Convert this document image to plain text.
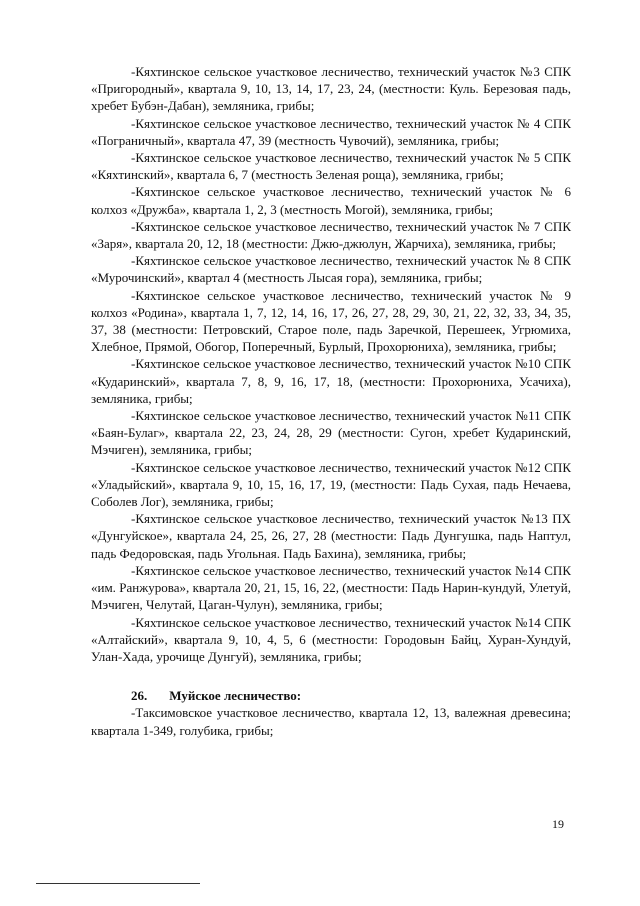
-Кяхтинское сельское участковое лесничество, технический участок №3 СПК «Пригородный», квартала 9, 10, 13, 14, 17, 23, 24, (местности: Куль. Березовая падь, хребет Бубэн-Дабан), земляника, грибы;

-Кяхтинское сельское участковое лесничество, технический участок № 4 СПК «Пограничный», квартала 47, 39 (местность Чувочий), земляника, грибы;

-Кяхтинское сельское участковое лесничество, технический участок № 5 СПК «Кяхтинский», квартала 6, 7 (местность Зеленая роща), земляника, грибы;

-Кяхтинское сельское участковое лесничество, технический участок № 6 колхоз «Дружба», квартала 1, 2, 3 (местность Могой), земляника, грибы;

-Кяхтинское сельское участковое лесничество, технический участок № 7 СПК «Заря», квартала 20, 12, 18 (местности: Джю-джюлун, Жарчиха), земляника, грибы;

-Кяхтинское сельское участковое лесничество, технический участок № 8 СПК «Мурочинский», квартал 4 (местность Лысая гора), земляника, грибы;

-Кяхтинское сельское участковое лесничество, технический участок № 9 колхоз «Родина», квартала 1, 7, 12, 14, 16, 17, 26, 27, 28, 29, 30, 21, 22, 32, 33, 34, 35, 37, 38 (местности: Петровский, Старое поле, падь Заречкой, Перешеек, Угрюмиха, Хлебное, Прямой, Обогор, Поперечный, Бурлый, Прохорюниха), земляника, грибы;

-Кяхтинское сельское участковое лесничество, технический участок №10 СПК «Кударинский», квартала 7, 8, 9, 16, 17, 18, (местности: Прохорюниха, Усачиха), земляника, грибы;

-Кяхтинское сельское участковое лесничество, технический участок №11 СПК «Баян-Булаг», квартала 22, 23, 24, 28, 29 (местности: Сугон, хребет Кударинский, Мэчиген), земляника, грибы;

-Кяхтинское сельское участковое лесничество, технический участок №12 СПК «Уладыйский», квартала 9, 10, 15, 16, 17, 19, (местности: Падь Сухая, падь Нечаева, Соболев Лог), земляника, грибы;

-Кяхтинское сельское участковое лесничество, технический участок №13 ПХ «Дунгуйское», квартала 24, 25, 26, 27, 28 (местности: Падь Дунгушка, падь Наптул, падь Федоровская, падь Угольная. Падь Бахина), земляника, грибы;

-Кяхтинское сельское участковое лесничество, технический участок №14 СПК «им. Ранжурова», квартала 20, 21, 15, 16, 22, (местности: Падь Нарин-кундуй, Улетуй, Мэчиген, Челутай, Цаган-Чулун), земляника, грибы;

-Кяхтинское сельское участковое лесничество, технический участок №14 СПК «Алтайский», квартала 9, 10, 4, 5, 6 (местности: Городовын Байц, Хуран-Хундуй, Улан-Хада, урочище Дунгуй), земляника, грибы;

26. Муйское лесничество:

-Таксимовское участковое лесничество, квартала 12, 13, валежная древесина; квартала 1-349, голубика, грибы;

19
